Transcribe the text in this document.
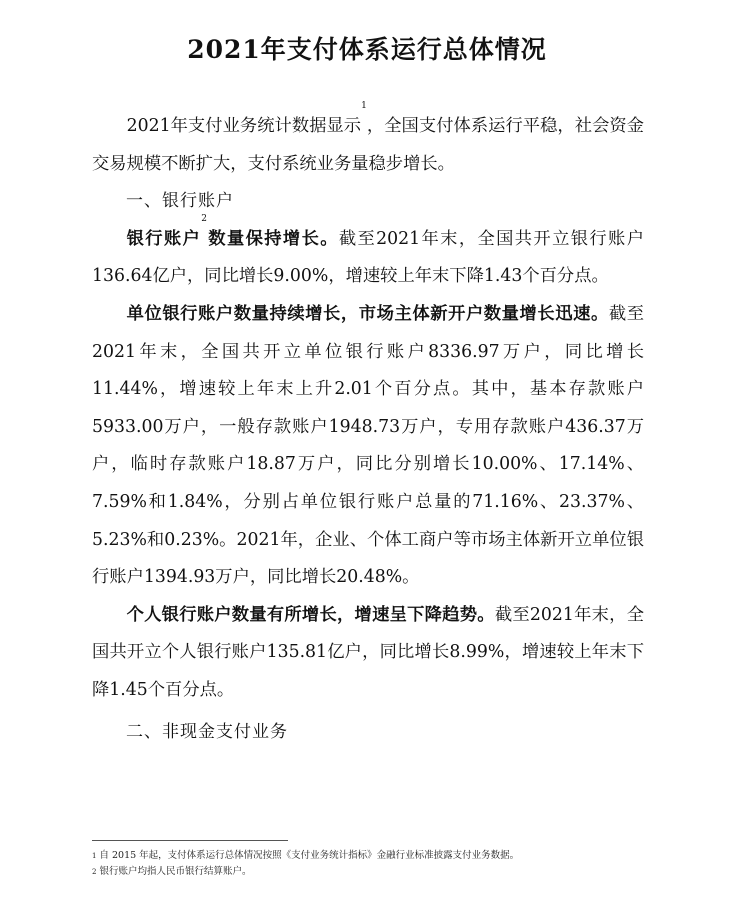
2021年支付体系运行总体情况

2021年支付业务统计数据显示$^1$，全国支付体系运行平稳，社会资金交易规模不断扩大，支付系统业务量稳步增长。

一、银行账户

银行账户$^2$数量保持增长。截至2021年末，全国共开立银行账户136.64亿户，同比增长9.00%，增速较上年末下降1.43个百分点。

单位银行账户数量持续增长，市场主体新开户数量增长迅速。截至2021年末，全国共开立单位银行账户8336.97万户，同比增长11.44%，增速较上年末上升2.01个百分点。其中，基本存款账户5933.00万户，一般存款账户1948.73万户，专用存款账户436.37万户，临时存款账户18.87万户，同比分别增长10.00%、17.14%、7.59%和1.84%，分别占单位银行账户总量的71.16%、23.37%、5.23%和0.23%。2021年，企业、个体工商户等市场主体新开立单位银行账户1394.93万户，同比增长20.48%。

个人银行账户数量有所增长，增速呈下降趋势。截至2021年末，全国共开立个人银行账户135.81亿户，同比增长8.99%，增速较上年末下降1.45个百分点。

二、非现金支付业务

$^1$ 自 2015 年起，支付体系运行总体情况按照《支付业务统计指标》金融行业标准披露支付业务数据。
$^2$ 银行账户均指人民币银行结算账户。
